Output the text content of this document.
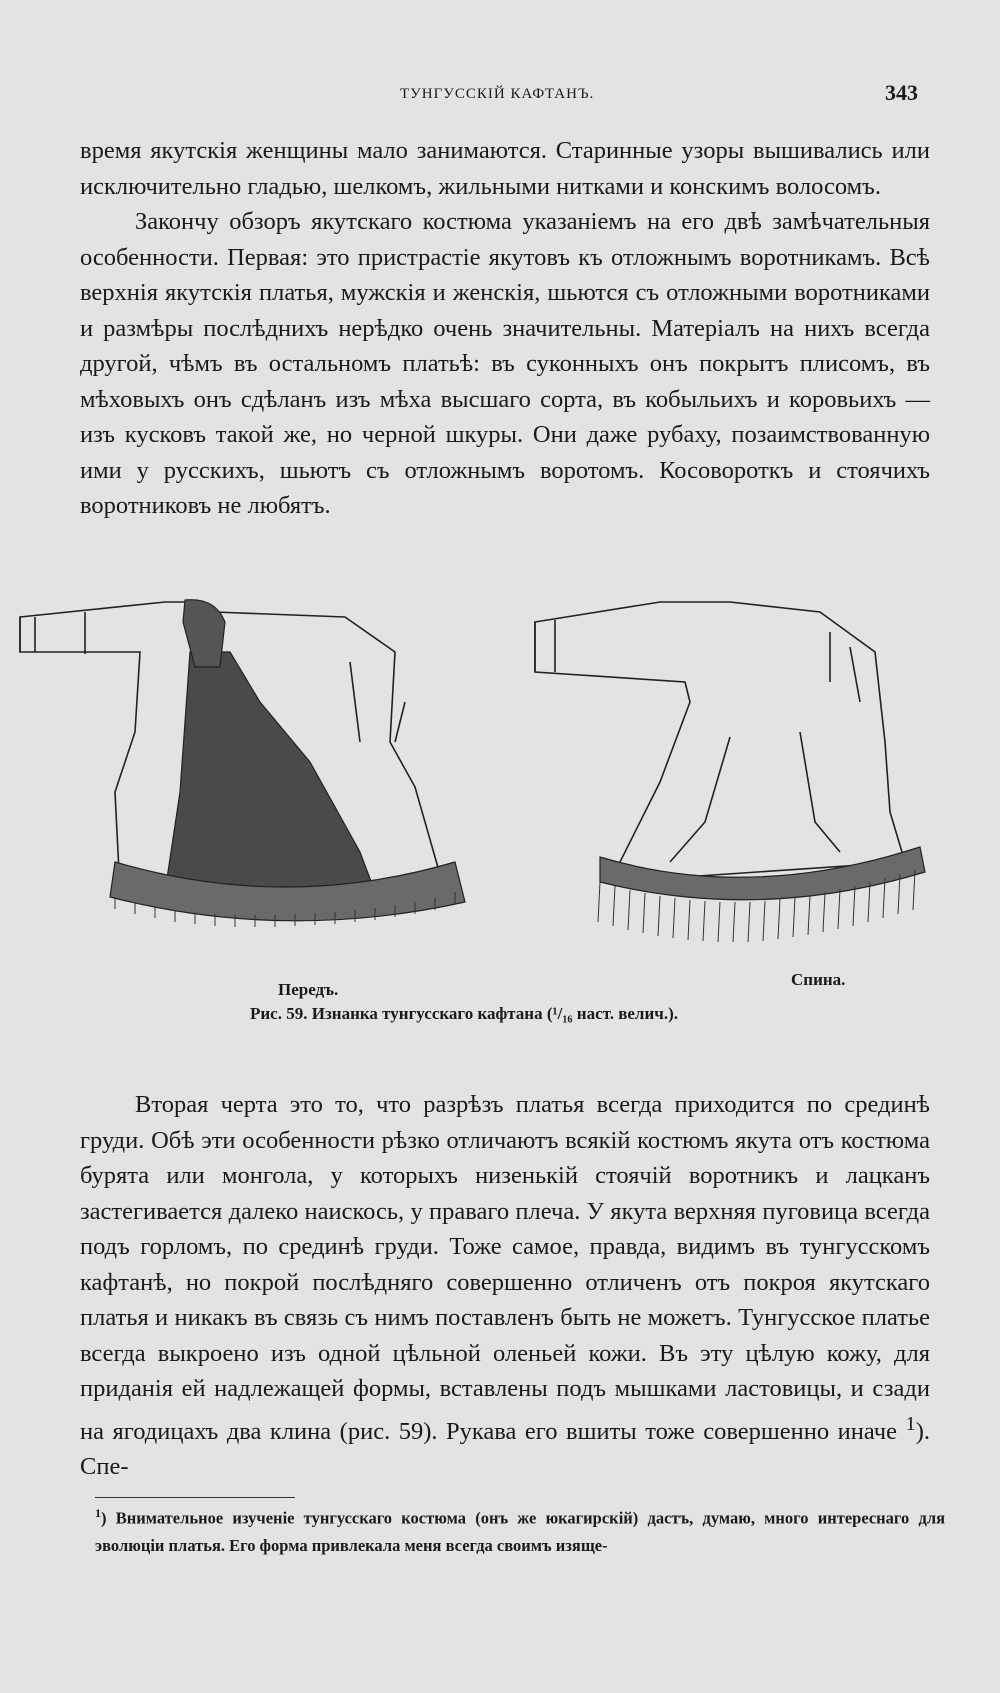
ТУНГУССКІЙ КАФТАНЪ.	343

время якутскія женщины мало занимаются. Старинные узоры вышивались или исключительно гладью, шелкомъ, жильными нитками и конскимъ волосомъ.

Закончу обзоръ якутскаго костюма указаніемъ на его двѣ замѣчательныя особенности. Первая: это пристрастіе якутовъ къ отложнымъ воротникамъ. Всѣ верхнія якутскія платья, мужскія и женскія, шьются съ отложными воротниками и размѣры послѣднихъ нерѣдко очень значительны. Матеріалъ на нихъ всегда другой, чѣмъ въ остальномъ платьѣ: въ суконныхъ онъ покрытъ плисомъ, въ мѣховыхъ онъ сдѣланъ изъ мѣха высшаго сорта, въ кобыльихъ и коровьихъ — изъ кусковъ такой же, но черной шкуры. Они даже рубаху, позаимствованную ими у русскихъ, шьютъ съ отложнымъ воротомъ. Косовороткъ и стоячихъ воротниковъ не любятъ.

Передъ.
Спина.
Рис. 59. Изнанка тунгусскаго кафтана (¹/₁₆ наст. велич.).

Вторая черта это то, что разрѣзъ платья всегда приходится по срединѣ груди. Обѣ эти особенности рѣзко отличаютъ всякій костюмъ якута отъ костюма бурята или монгола, у которыхъ низенькій стоячій воротникъ и лацканъ застегивается далеко наискось, у праваго плеча. У якута верхняя пуговица всегда подъ горломъ, по срединѣ груди. Тоже самое, правда, видимъ въ тунгусскомъ кафтанѣ, но покрой послѣдняго совершенно отличенъ отъ покроя якутскаго платья и никакъ въ связь съ нимъ поставленъ быть не можетъ. Тунгусское платье всегда выкроено изъ одной цѣльной оленьей кожи. Въ эту цѣлую кожу, для приданія ей надлежащей формы, вставлены подъ мышками ластовицы, и сзади на ягодицахъ два клина (рис. 59). Рукава его вшиты тоже совершенно иначе $^1$). Спе-

$^1$) Внимательное изученіе тунгусскаго костюма (онъ же юкагирскій) дастъ, думаю, много интереснаго для эволюціи платья. Его форма привлекала меня всегда своимъ изяще-
